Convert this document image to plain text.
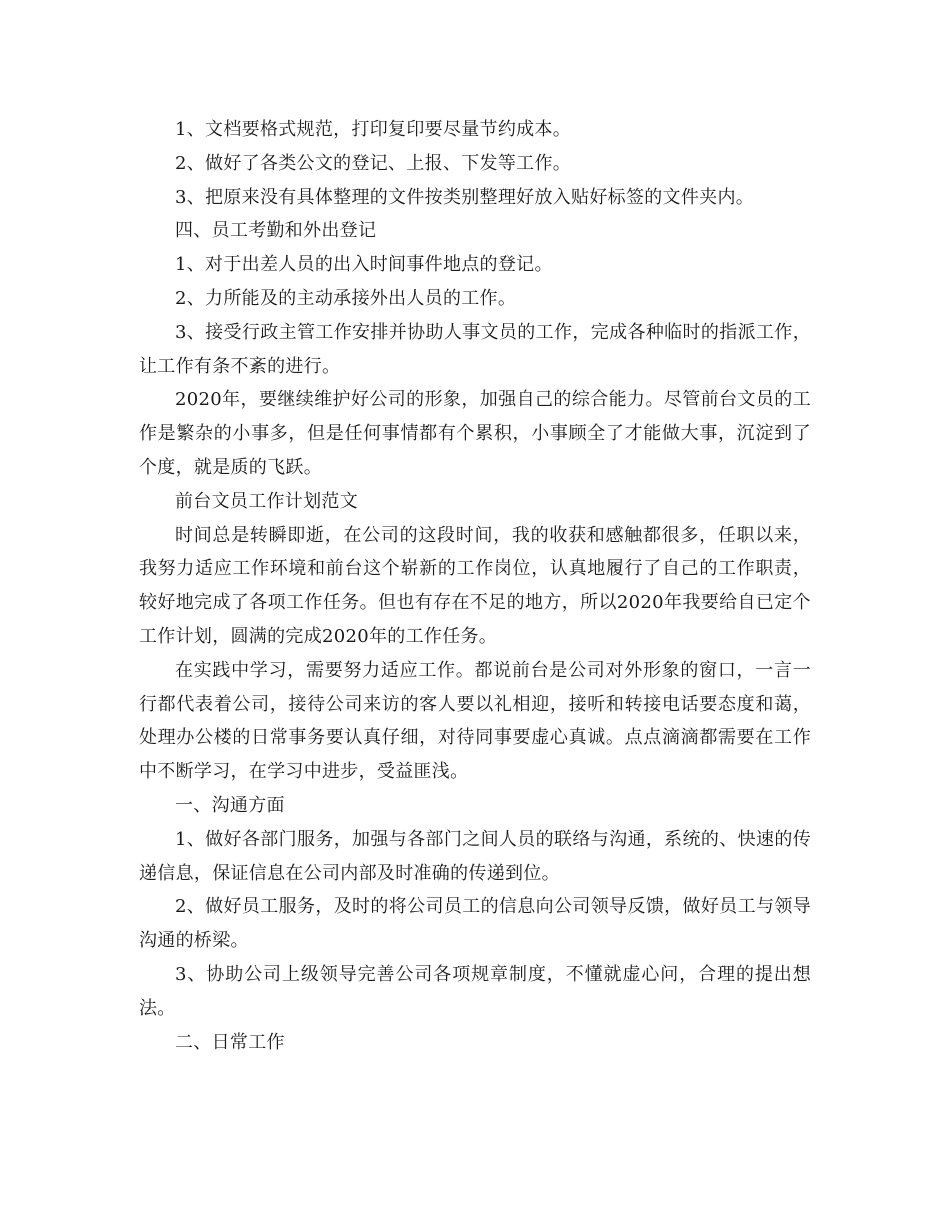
1、文档要格式规范，打印复印要尽量节约成本。

2、做好了各类公文的登记、上报、下发等工作。

3、把原来没有具体整理的文件按类别整理好放入贴好标签的文件夹内。

四、员工考勤和外出登记

1、对于出差人员的出入时间事件地点的登记。

2、力所能及的主动承接外出人员的工作。

3、接受行政主管工作安排并协助人事文员的工作，完成各种临时的指派工作，让工作有条不紊的进行。

2020年，要继续维护好公司的形象，加强自己的综合能力。尽管前台文员的工作是繁杂的小事多，但是任何事情都有个累积，小事顾全了才能做大事，沉淀到了个度，就是质的飞跃。

前台文员工作计划范文

时间总是转瞬即逝，在公司的这段时间，我的收获和感触都很多，任职以来，我努力适应工作环境和前台这个崭新的工作岗位，认真地履行了自己的工作职责，较好地完成了各项工作任务。但也有存在不足的地方，所以2020年我要给自已定个工作计划，圆满的完成2020年的工作任务。

在实践中学习，需要努力适应工作。都说前台是公司对外形象的窗口，一言一行都代表着公司，接待公司来访的客人要以礼相迎，接听和转接电话要态度和蔼，处理办公楼的日常事务要认真仔细，对待同事要虚心真诚。点点滴滴都需要在工作中不断学习，在学习中进步，受益匪浅。

一、沟通方面

1、做好各部门服务，加强与各部门之间人员的联络与沟通，系统的、快速的传递信息，保证信息在公司内部及时准确的传递到位。

2、做好员工服务，及时的将公司员工的信息向公司领导反馈，做好员工与领导沟通的桥梁。

3、协助公司上级领导完善公司各项规章制度，不懂就虚心问，合理的提出想法。

二、日常工作
